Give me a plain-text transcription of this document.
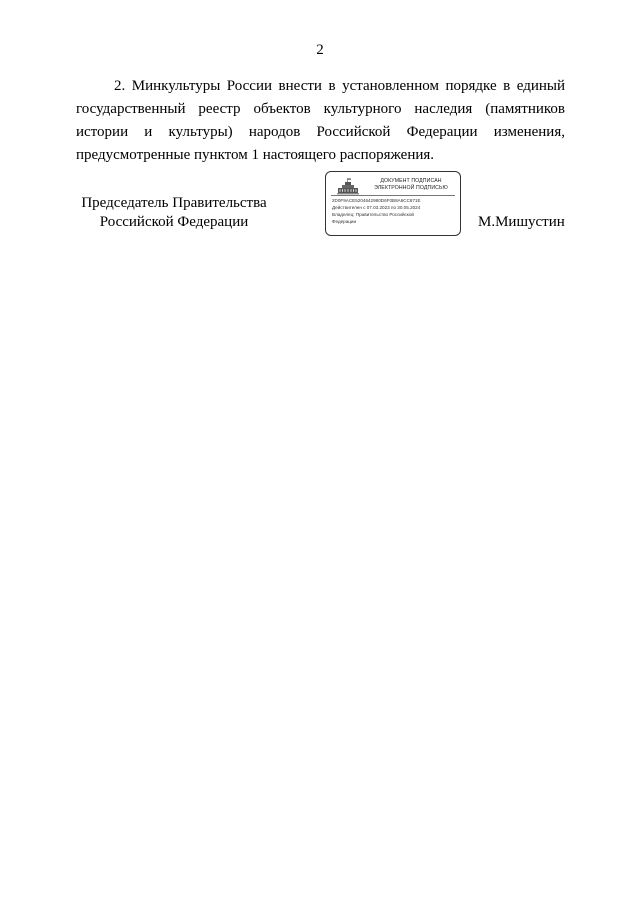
2
2. Минкультуры России внести в установленном порядке в единый
государственный реестр объектов культурного наследия (памятников
истории и культуры) народов Российской Федерации изменения,
предусмотренные пунктом 1 настоящего распоряжения.
Председатель Правительства
Российской Федерации
ДОКУМЕНТ ПОДПИСАН
ЭЛЕКТРОННОЙ ПОДПИСЬЮ
2D0F9ACE5204642980D6F0B8A6CC871E
Действителен с 07.03.2023 по 30.05.2024
Владелец: Правительство Российской
Федерации	М.Мишустин
